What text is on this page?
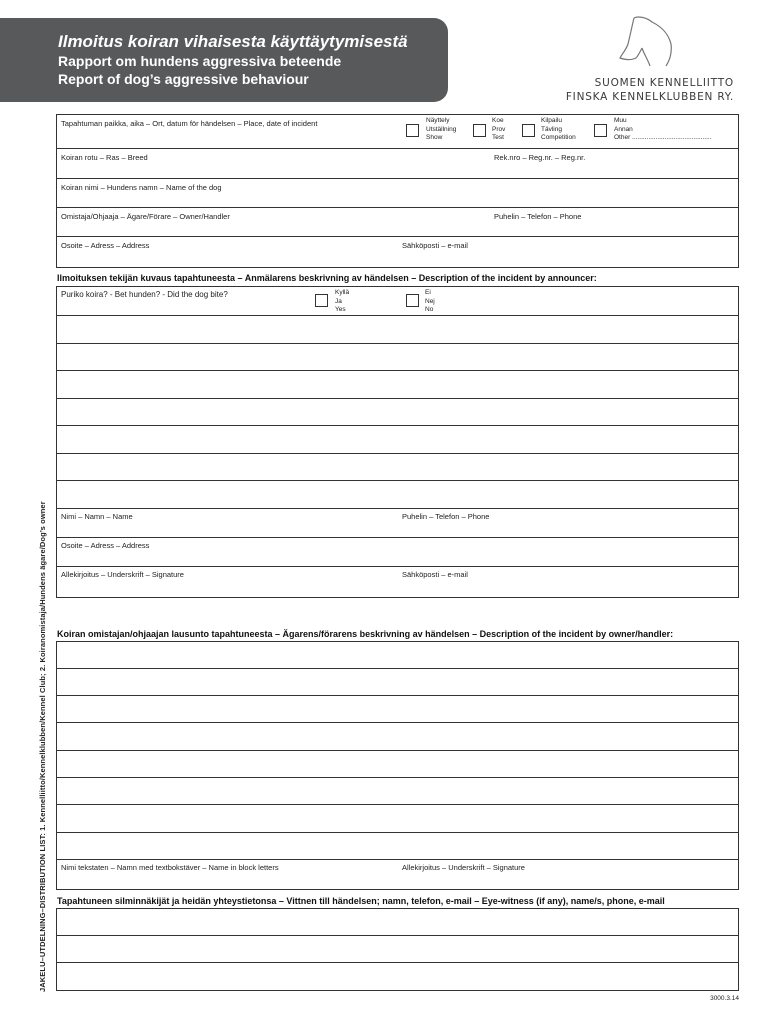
Ilmoitus koiran vihaisesta käyttäytymisestä
Rapport om hundens aggressiva beteende
Report of dog’s aggressive behaviour	SUOMEN KENNELLIITTO
FINSKA KENNELKLUBBEN RY.
JAKELU–UTDELNING–DISTRIBUTION LIST: 1. Kennelliitto/Kennelklubben/Kennel Club; 2. Koiranomistaja/Hundens ägare/Dog’s owner
Tapahtuman paikka, aika – Ort, datum för händelsen – Place, date of incident	Näyttely
Utställning
Show
Koe
Prov
Test
Kilpailu
Tävling
Competition
Muu
Annan
Other ............................................
Koiran rotu – Ras – Breed	Rek.nro – Reg.nr. – Reg.nr.
Koiran nimi – Hundens namn – Name of the dog
Omistaja/Ohjaaja – Ägare/Förare – Owner/Handler	Puhelin – Telefon – Phone
Osoite – Adress – Address	Sähköposti – e-mail
Ilmoituksen tekijän kuvaus tapahtuneesta – Anmälarens beskrivning av händelsen – Description of the incident by announcer:
Puriko koira? - Bet hunden? - Did the dog bite?	Kyllä
Ja
Yes
Ei
Nej
No
Nimi – Namn – Name	Puhelin – Telefon – Phone
Osoite – Adress – Address
Allekirjoitus – Underskrift – Signature	Sähköposti – e-mail
Koiran omistajan/ohjaajan lausunto tapahtuneesta – Ägarens/förarens beskrivning av händelsen – Description of the incident by owner/handler:
Nimi tekstaten – Namn med textbokstäver – Name in block letters	Allekirjoitus – Underskrift – Signature
Tapahtuneen silminnäkijät ja heidän yhteystietonsa – Vittnen till händelsen; namn, telefon, e-mail – Eye-witness (if any), name/s, phone, e-mail
3000.3.14
